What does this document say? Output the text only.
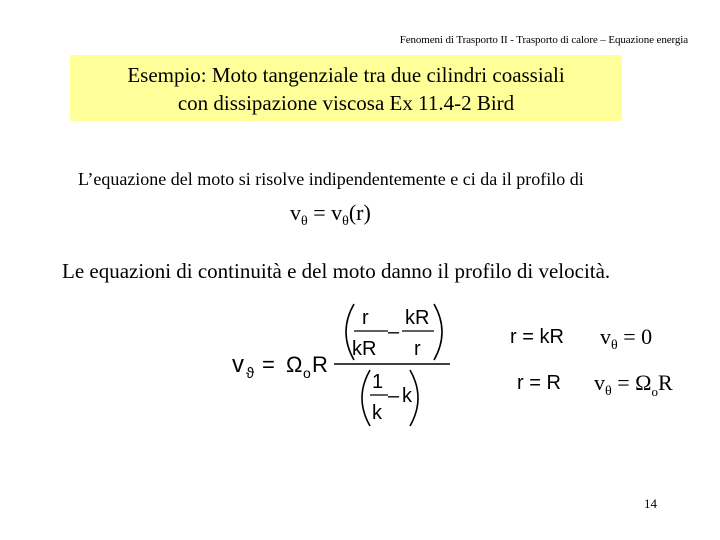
Fenomeni di Trasporto II - Trasporto di calore – Equazione energia
Esempio: Moto tangenziale tra due cilindri coassiali
con dissipazione viscosa Ex 11.4-2 Bird
L’equazione del moto si risolve indipendentemente e ci da il profilo di
$v_\theta = v_\theta(r)$
Le equazioni di continuità e del moto danno il profilo di velocità.
v ϑ = Ω o R
r
kR
–
kR
r
1
k
– k
r = kR $v_\theta = 0$
r = R $v_\theta = \Omega_oR$
14
